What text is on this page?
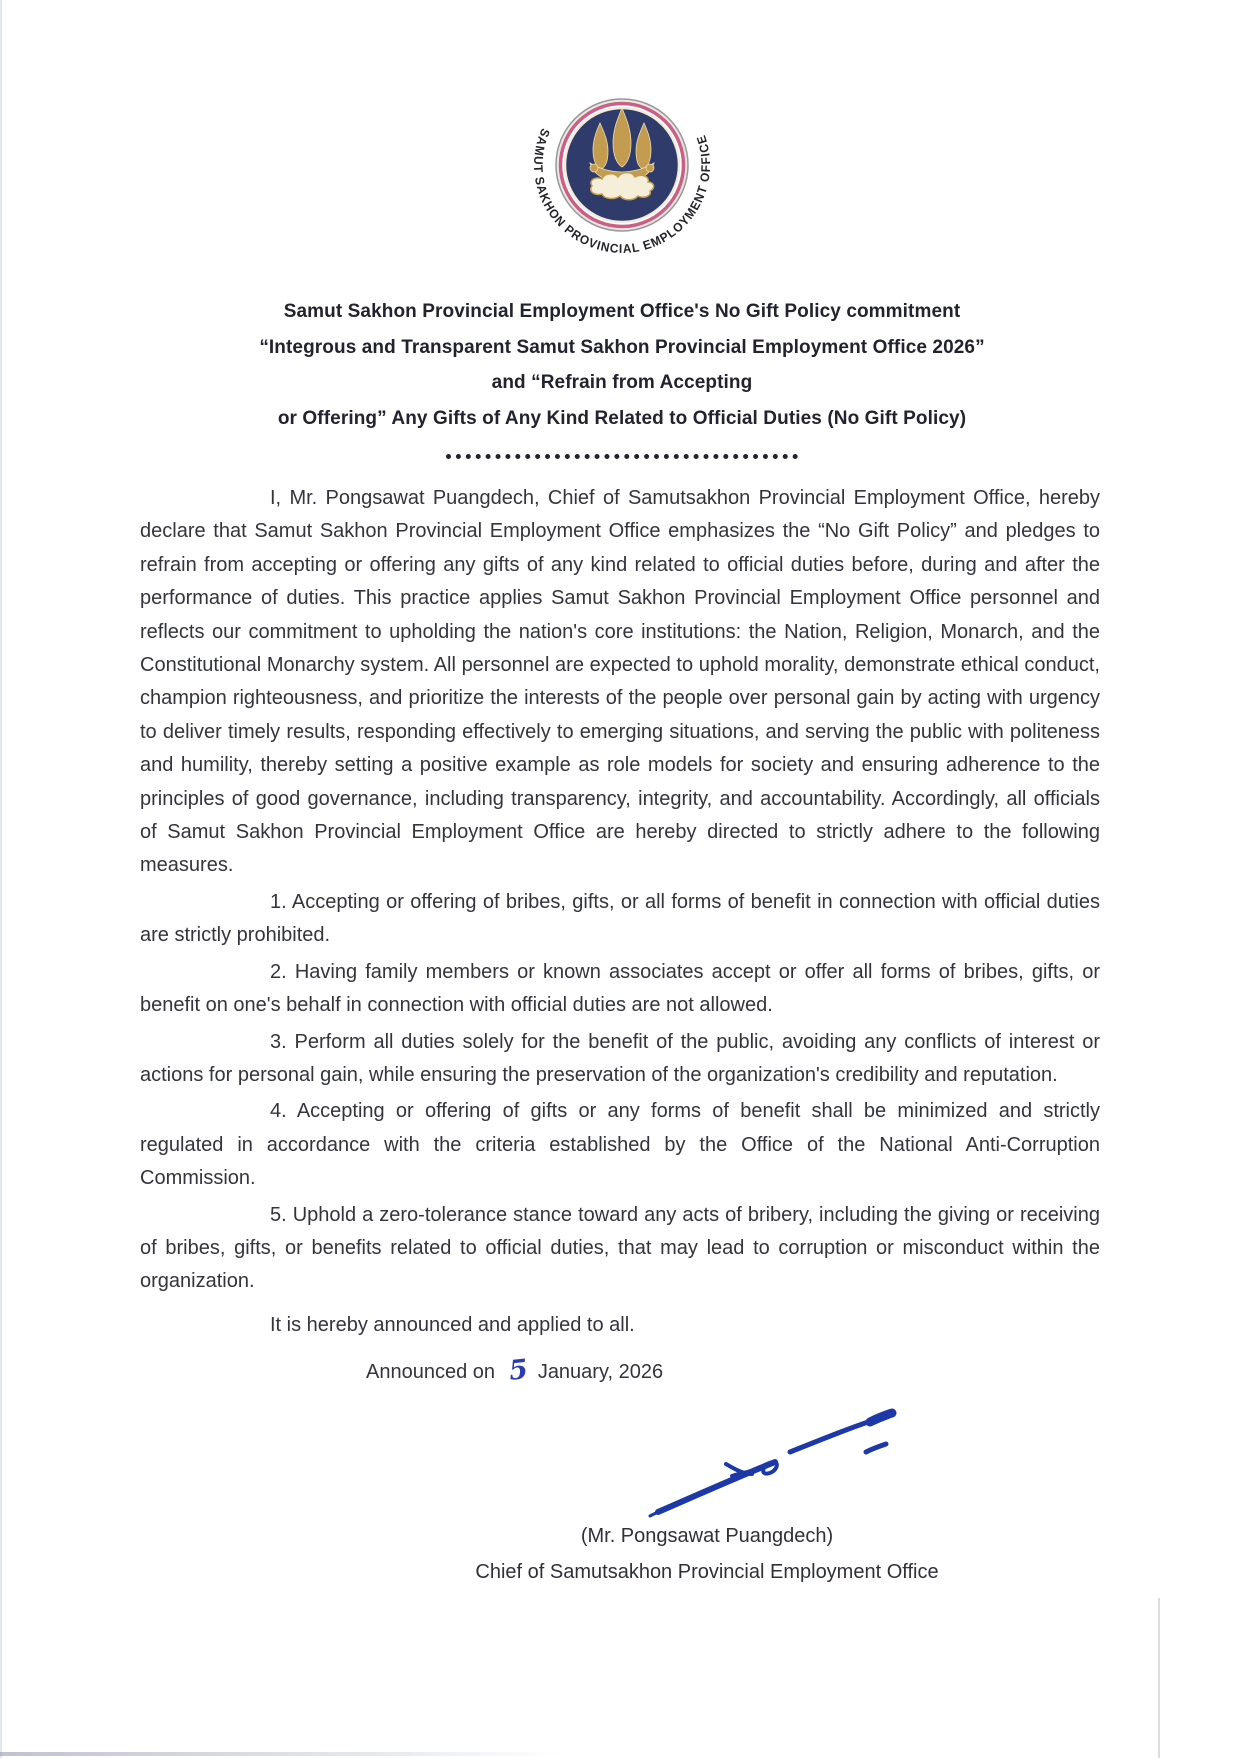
SAMUT SAKHON PROVINCIAL EMPLOYMENT OFFICE
Samut Sakhon Provincial Employment Office's No Gift Policy commitment
“Integrous and Transparent Samut Sakhon Provincial Employment Office 2026”
and “Refrain from Accepting
or Offering” Any Gifts of Any Kind Related to Official Duties (No Gift Policy)

I, Mr. Pongsawat Puangdech, Chief of Samutsakhon Provincial Employment Office, hereby declare that Samut Sakhon Provincial Employment Office emphasizes the “No Gift Policy” and pledges to refrain from accepting or offering any gifts of any kind related to official duties before, during and after the performance of duties. This practice applies Samut Sakhon Provincial Employment Office personnel and reflects our commitment to upholding the nation's core institutions: the Nation, Religion, Monarch, and the Constitutional Monarchy system. All personnel are expected to uphold morality, demonstrate ethical conduct, champion righteousness, and prioritize the interests of the people over personal gain by acting with urgency to deliver timely results, responding effectively to emerging situations, and serving the public with politeness and humility, thereby setting a positive example as role models for society and ensuring adherence to the principles of good governance, including transparency, integrity, and accountability. Accordingly, all officials of Samut Sakhon Provincial Employment Office are hereby directed to strictly adhere to the following measures.

1. Accepting or offering of bribes, gifts, or all forms of benefit in connection with official duties are strictly prohibited.

2. Having family members or known associates accept or offer all forms of bribes, gifts, or benefit on one's behalf in connection with official duties are not allowed.

3. Perform all duties solely for the benefit of the public, avoiding any conflicts of interest or actions for personal gain, while ensuring the preservation of the organization's credibility and reputation.

4. Accepting or offering of gifts or any forms of benefit shall be minimized and strictly regulated in accordance with the criteria established by the Office of the National Anti-Corruption Commission.

5. Uphold a zero-tolerance stance toward any acts of bribery, including the giving or receiving of bribes, gifts, or benefits related to official duties, that may lead to corruption or misconduct within the organization.

It is hereby announced and applied to all.

Announced on 5 January, 2026
(Mr. Pongsawat Puangdech)
Chief of Samutsakhon Provincial Employment Office
